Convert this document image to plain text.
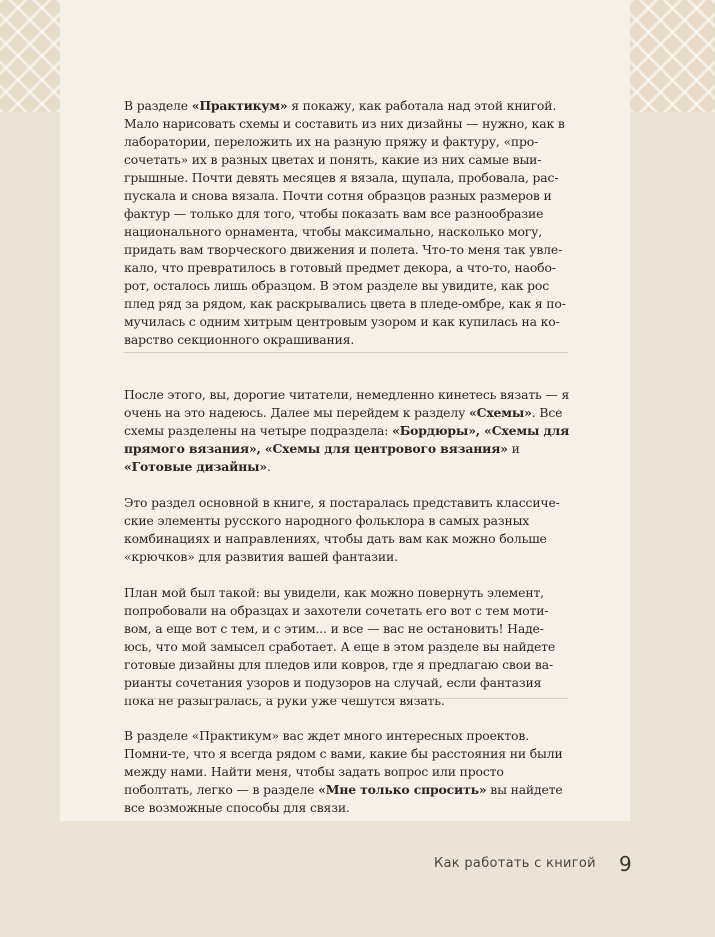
В разделе «Практикум» я покажу, как работала над этой книгой. Мало нарисовать схемы и составить из них дизайны — нужно, как в лаборатории, переложить их на разную пряжу и фактуру, «про-сочетать» их в разных цветах и понять, какие из них самые выи-грышные. Почти девять месяцев я вязала, щупала, пробовала, рас-пускала и снова вязала. Почти сотня образцов разных размеров и фактур — только для того, чтобы показать вам все разнообразие национального орнамента, чтобы максимально, насколько могу, придать вам творческого движения и полета. Что-то меня так увле-кало, что превратилось в готовый предмет декора, а что-то, наобо-рот, осталось лишь образцом. В этом разделе вы увидите, как рос плед ряд за рядом, как раскрывались цвета в пледе-омбре, как я по-мучилась с одним хитрым центровым узором и как купилась на ко-варство секционного окрашивания.

После этого, вы, дорогие читатели, немедленно кинетесь вязать — я очень на это надеюсь. Далее мы перейдем к разделу «Схемы». Все схемы разделены на четыре подраздела: «Бордюры», «Схемы для прямого вязания», «Схемы для центрового вязания» и «Готовые дизайны».

Это раздел основной в книге, я постаралась представить классиче-ские элементы русского народного фольклора в самых разных комбинациях и направлениях, чтобы дать вам как можно больше «крючков» для развития вашей фантазии.

План мой был такой: вы увидели, как можно повернуть элемент, попробовали на образцах и захотели сочетать его вот с тем моти-вом, а еще вот с тем, и с этим... и все — вас не остановить! Наде-юсь, что мой замысел сработает. А еще в этом разделе вы найдете готовые дизайны для пледов или ковров, где я предлагаю свои ва-рианты сочетания узоров и подузоров на случай, если фантазия пока не разыгралась, а руки уже чешутся вязать.

В разделе «Практикум» вас ждет много интересных проектов. Помни-те, что я всегда рядом с вами, какие бы расстояния ни были между нами. Найти меня, чтобы задать вопрос или просто поболтать, легко — в разделе «Мне только спросить» вы найдете все возможные способы для связи.

Как работать с книгой 9
